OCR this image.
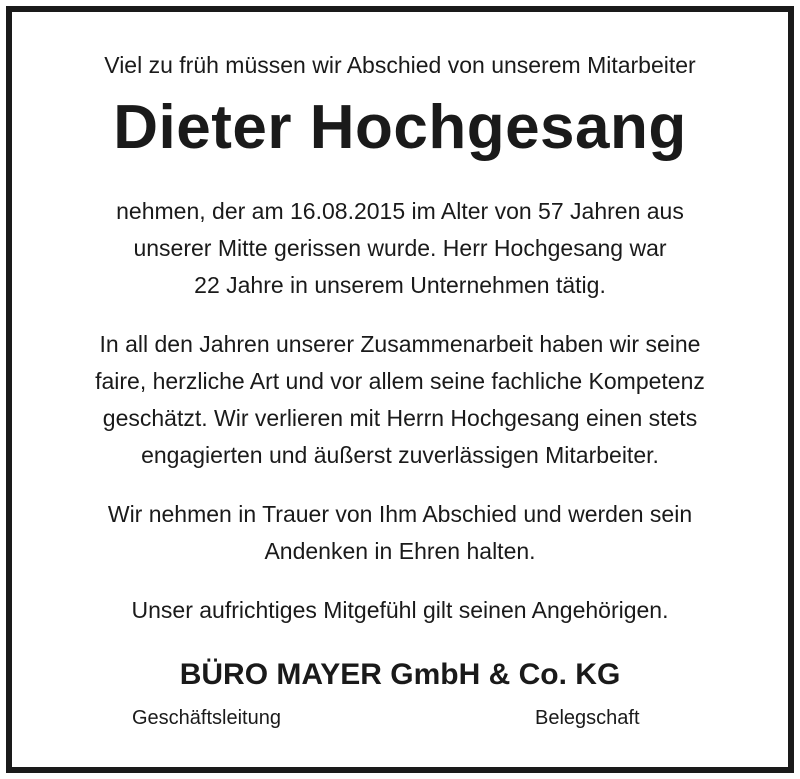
Viel zu früh müssen wir Abschied von unserem Mitarbeiter
Dieter Hochgesang
nehmen, der am 16.08.2015 im Alter von 57 Jahren aus
unserer Mitte gerissen wurde. Herr Hochgesang war
22 Jahre in unserem Unternehmen tätig.
In all den Jahren unserer Zusammenarbeit haben wir seine
faire, herzliche Art und vor allem seine fachliche Kompetenz
geschätzt. Wir verlieren mit Herrn Hochgesang einen stets
engagierten und äußerst zuverlässigen Mitarbeiter.
Wir nehmen in Trauer von Ihm Abschied und werden sein
Andenken in Ehren halten.
Unser aufrichtiges Mitgefühl gilt seinen Angehörigen.
BÜRO MAYER GmbH & Co. KG
Geschäftsleitung	Belegschaft
